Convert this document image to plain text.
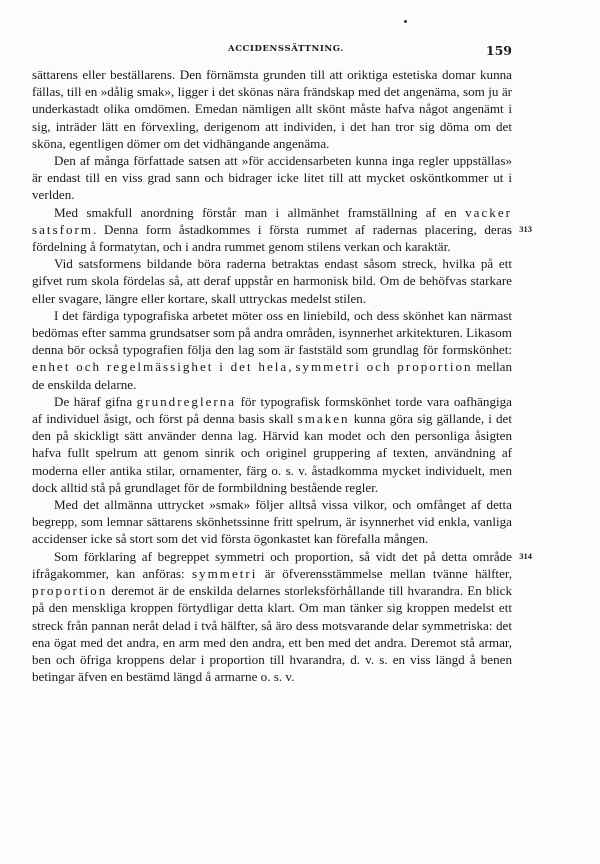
ACCIDENSSÄTTNING.	159

sättarens eller beställarens. Den förnämsta grunden till att oriktiga estetiska domar kunna fällas, till en »dålig smak», ligger i det skönas nära frändskap med det angenäma, som ju är underkastadt olika omdömen. Emedan nämligen allt skönt måste hafva något angenämt i sig, inträder lätt en förvexling, derigenom att individen, i det han tror sig döma om det sköna, egentligen dömer om det vidhängande angenäma.

Den af många författade satsen att »för accidensarbeten kunna inga regler uppställas» är endast till en viss grad sann och bidrager icke litet till att mycket osköntkommer ut i verlden.

313
Med smakfull anordning förstår man i allmänhet framställning af en vacker satsform. Denna form åstadkommes i första rummet af radernas placering, deras fördelning å formatytan, och i andra rummet genom stilens verkan och karaktär.

Vid satsformens bildande böra raderna betraktas endast såsom streck, hvilka på ett gifvet rum skola fördelas så, att deraf uppstår en harmonisk bild. Om de behöfvas starkare eller svagare, längre eller kortare, skall uttryckas medelst stilen.

I det färdiga typografiska arbetet möter oss en liniebild, och dess skönhet kan närmast bedömas efter samma grundsatser som på andra områden, isynnerhet arkitekturen. Likasom denna bör också typografien följa den lag som är faststäld som grundlag för formskönhet: enhet och regelmässighet i det hela, symmetri och proportion mellan de enskilda delarne.

De häraf gifna grundreglerna för typografisk formskönhet torde vara oafhängiga af individuel åsigt, och först på denna basis skall smaken kunna göra sig gällande, i det den på skickligt sätt använder denna lag. Härvid kan modet och den personliga åsigten hafva fullt spelrum att genom sinrik och originel gruppering af texten, användning af moderna eller antika stilar, ornamenter, färg o. s. v. åstadkomma mycket individuelt, men dock alltid stå på grundlaget för de formbildning bestående regler.

Med det allmänna uttrycket »smak» följer alltså vissa vilkor, och omfånget af detta begrepp, som lemnar sättarens skönhetssinne fritt spelrum, är isynnerhet vid enkla, vanliga accidenser icke så stort som det vid första ögonkastet kan förefalla mången.

314
Som förklaring af begreppet symmetri och proportion, så vidt det på detta område ifrågakommer, kan anföras: symmetri är öfverensstämmelse mellan tvänne hälfter, proportion deremot är de enskilda delarnes storleksförhållande till hvarandra. En blick på den menskliga kroppen förtydligar detta klart. Om man tänker sig kroppen medelst ett streck från pannan neråt delad i två hälfter, så äro dess motsvarande delar symmetriska: det ena ögat med det andra, en arm med den andra, ett ben med det andra. Deremot stå armar, ben och öfriga kroppens delar i proportion till hvarandra, d. v. s. en viss längd å benen betingar äfven en bestämd längd å armarne o. s. v.
